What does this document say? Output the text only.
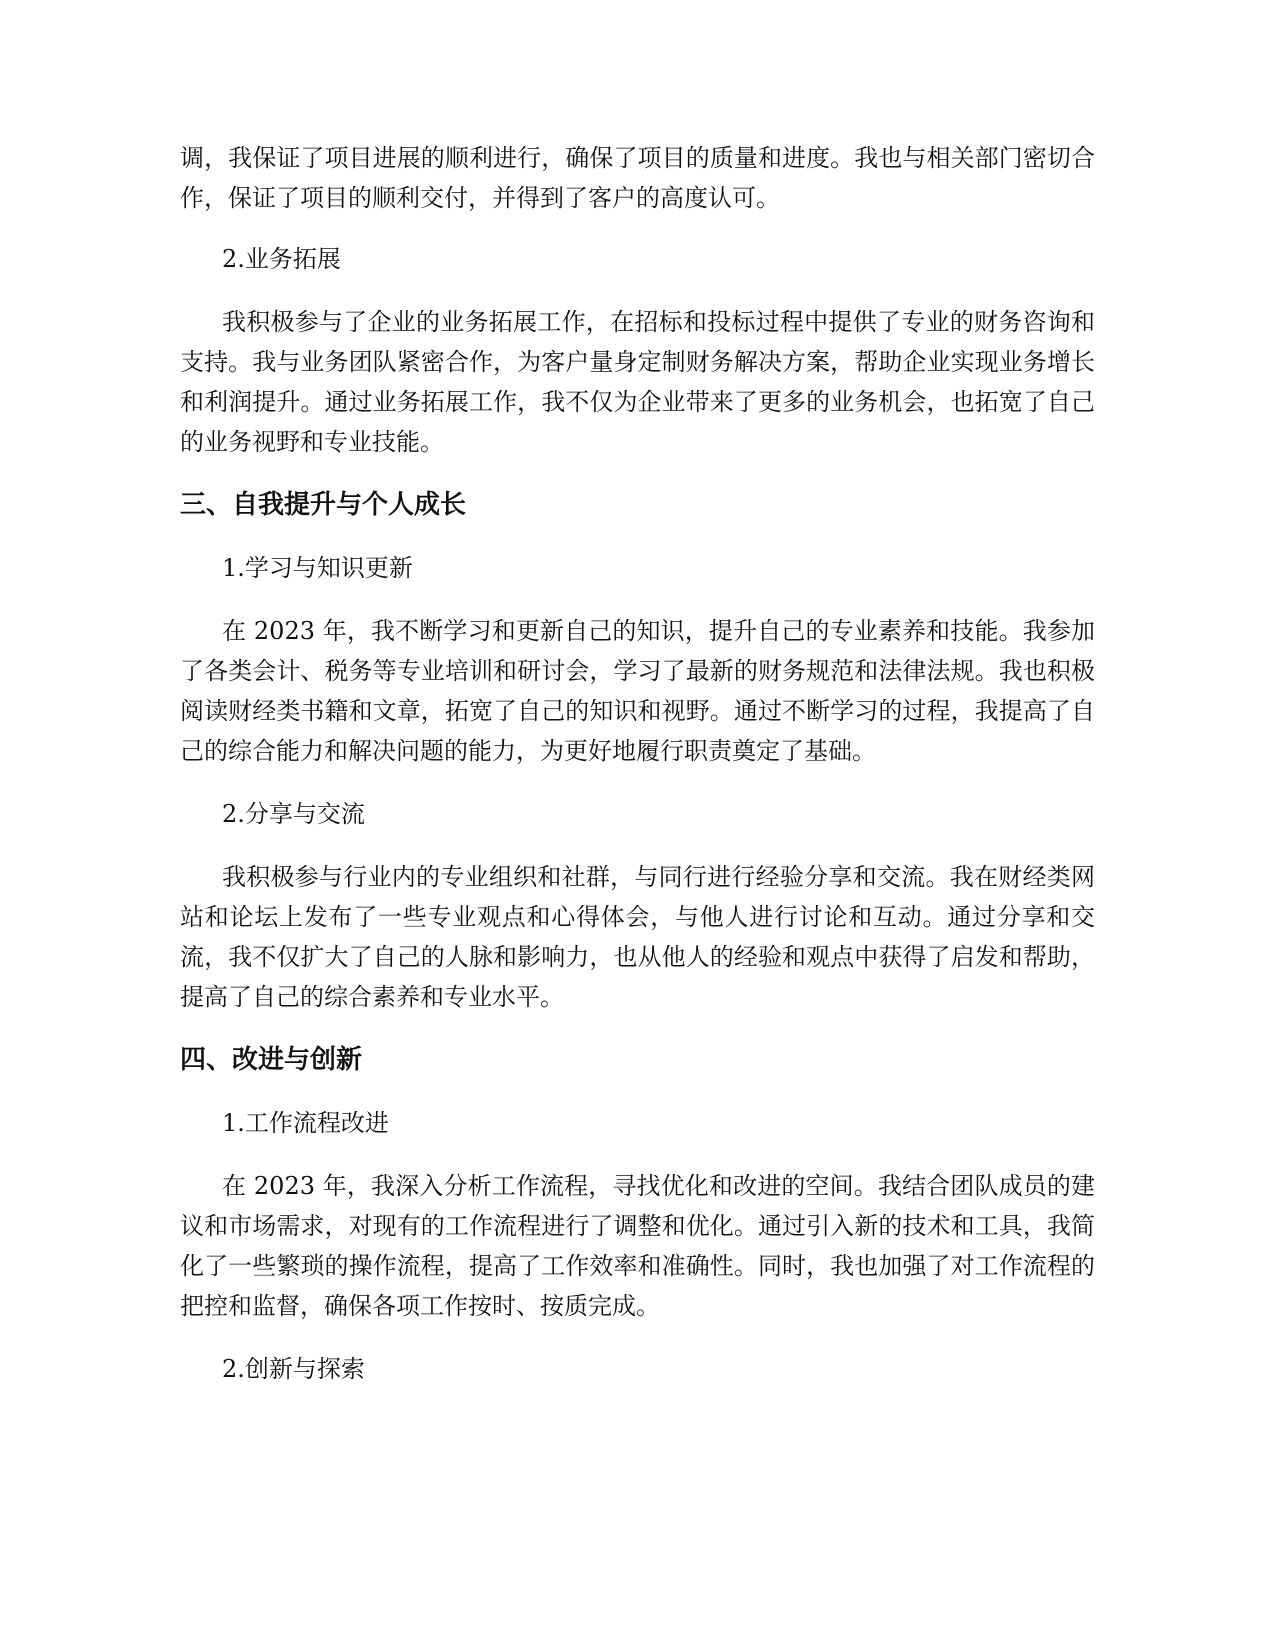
调，我保证了项目进展的顺利进行，确保了项目的质量和进度。我也与相关部门密切合作，保证了项目的顺利交付，并得到了客户的高度认可。

2.业务拓展

我积极参与了企业的业务拓展工作，在招标和投标过程中提供了专业的财务咨询和支持。我与业务团队紧密合作，为客户量身定制财务解决方案，帮助企业实现业务增长和利润提升。通过业务拓展工作，我不仅为企业带来了更多的业务机会，也拓宽了自己的业务视野和专业技能。

三、自我提升与个人成长

1.学习与知识更新

在 2023 年，我不断学习和更新自己的知识，提升自己的专业素养和技能。我参加了各类会计、税务等专业培训和研讨会，学习了最新的财务规范和法律法规。我也积极阅读财经类书籍和文章，拓宽了自己的知识和视野。通过不断学习的过程，我提高了自己的综合能力和解决问题的能力，为更好地履行职责奠定了基础。

2.分享与交流

我积极参与行业内的专业组织和社群，与同行进行经验分享和交流。我在财经类网站和论坛上发布了一些专业观点和心得体会，与他人进行讨论和互动。通过分享和交流，我不仅扩大了自己的人脉和影响力，也从他人的经验和观点中获得了启发和帮助，提高了自己的综合素养和专业水平。

四、改进与创新

1.工作流程改进

在 2023 年，我深入分析工作流程，寻找优化和改进的空间。我结合团队成员的建议和市场需求，对现有的工作流程进行了调整和优化。通过引入新的技术和工具，我简化了一些繁琐的操作流程，提高了工作效率和准确性。同时，我也加强了对工作流程的把控和监督，确保各项工作按时、按质完成。

2.创新与探索
